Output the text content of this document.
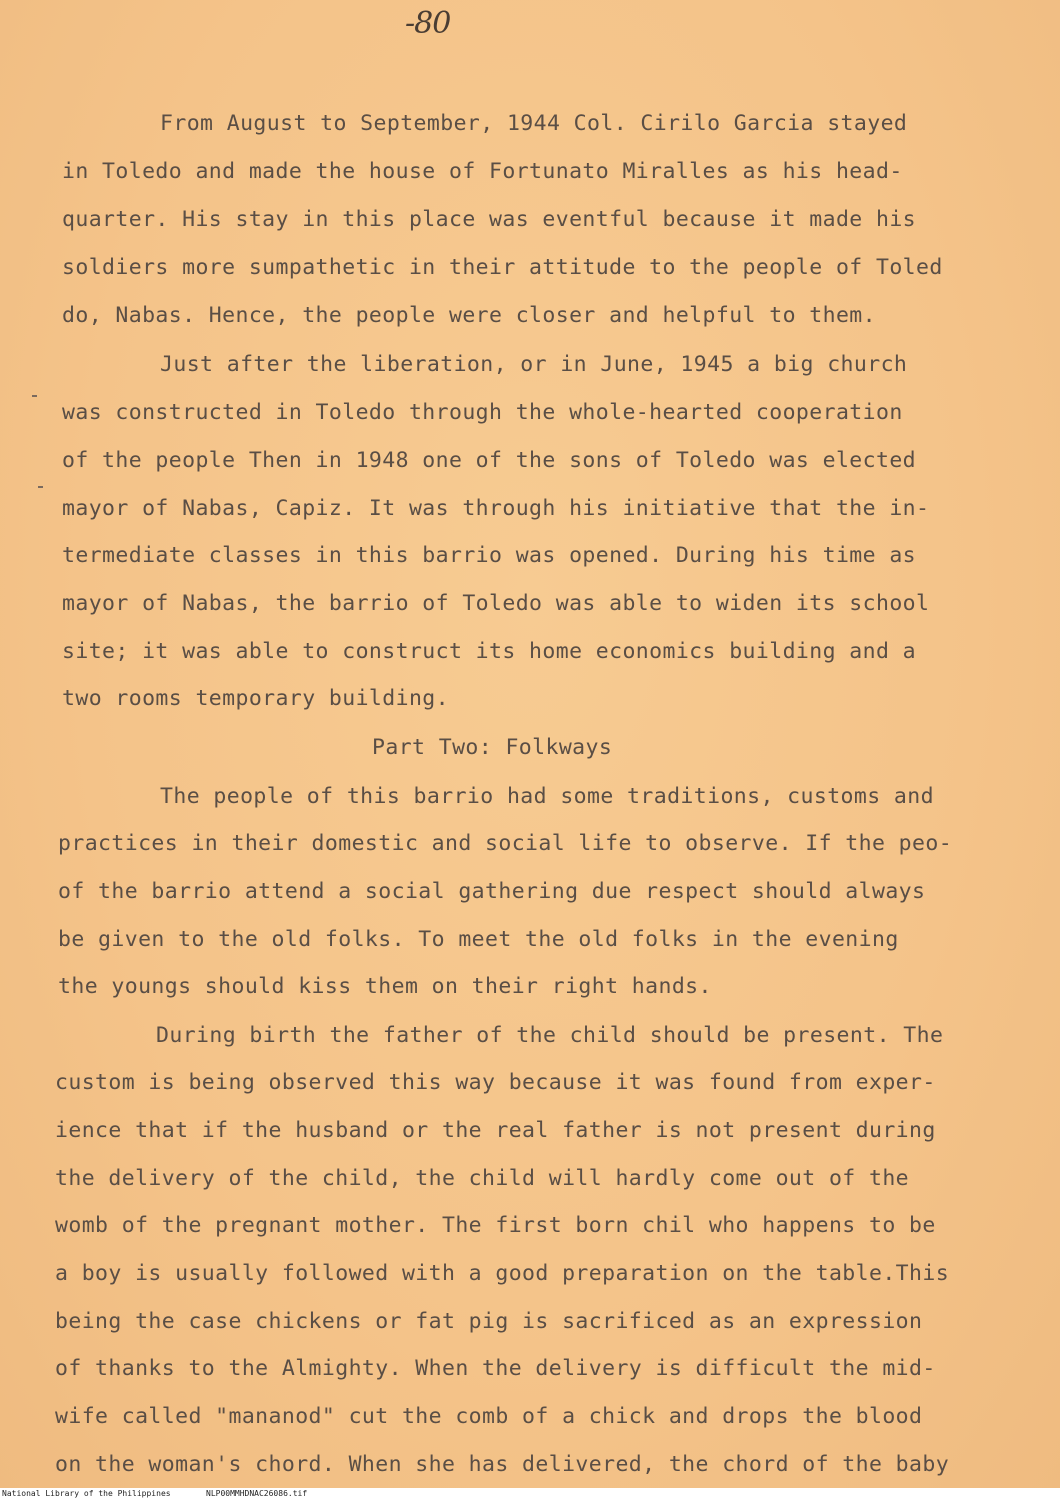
-80
From August to September, 1944 Col. Cirilo Garcia stayed
in Toledo and made the house of Fortunato Miralles as his head-
quarter. His stay in this place was eventful because it made his
soldiers more sumpathetic in their attitude to the people of Toled
do, Nabas. Hence, the people were closer and helpful to them.
Just after the liberation, or in June, 1945 a big church
was constructed in Toledo through the whole-hearted cooperation
of the people Then in 1948 one of the sons of Toledo was elected
mayor of Nabas, Capiz. It was through his initiative that the in-
termediate classes in this barrio was opened. During his time as
mayor of Nabas, the barrio of Toledo was able to widen its school
site; it was able to construct its home economics building and a
two rooms temporary building.
Part Two: Folkways
The people of this barrio had some traditions, customs and
practices in their domestic and social life to observe. If the peo-
of the barrio attend a social gathering due respect should always
be given to the old folks. To meet the old folks in the evening
the youngs should kiss them on their right hands.
During birth the father of the child should be present. The
custom is being observed this way because it was found from exper-
ience that if the husband or the real father is not present during
the delivery of the child, the child will hardly come out of the
womb of the pregnant mother. The first born chil who happens to be
a boy is usually followed with a good preparation on the table.This
being the case chickens or fat pig is sacrificed as an expression
of thanks to the Almighty. When the delivery is difficult the mid-
wife called "mananod" cut the comb of a chick and drops the blood
on the woman's chord. When she has delivered, the chord of the baby
National Library of the Philippines	NLP00MMHDNAC26086.tif
